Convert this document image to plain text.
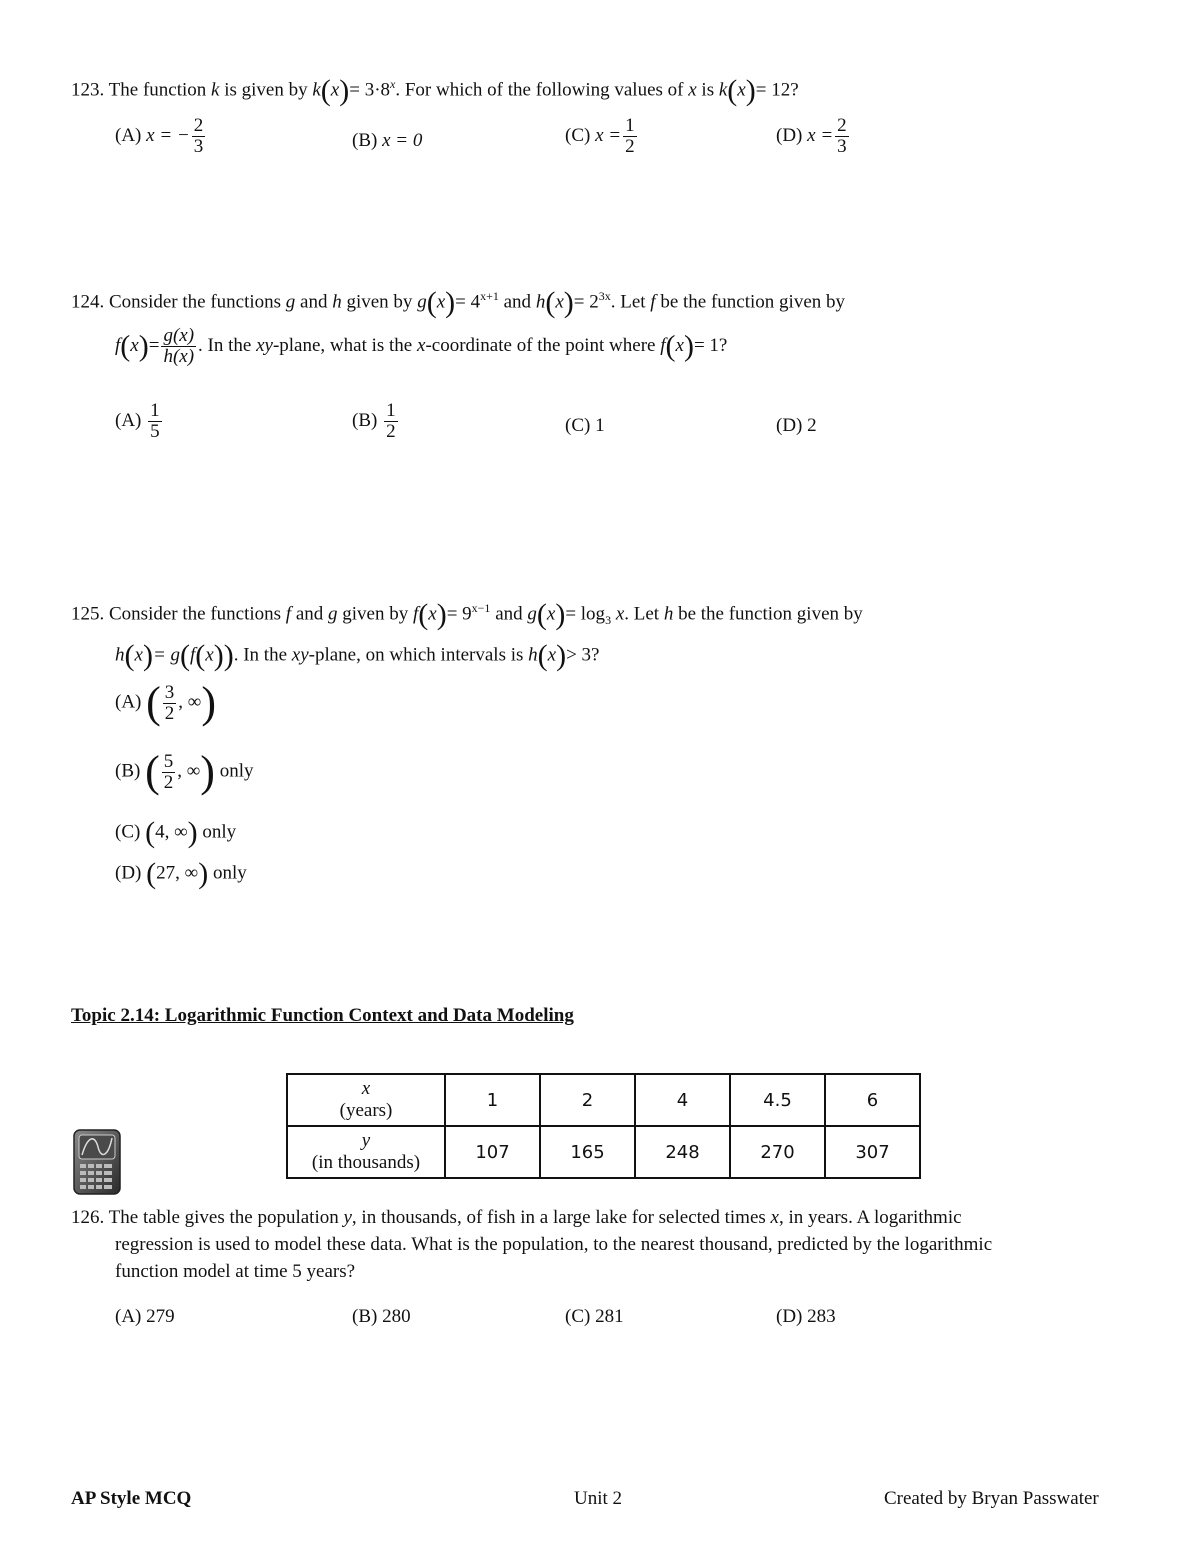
123. The function k is given by $k(x)= 3\cdot 8^x$. For which of the following values of x is k(x)= 12?
(A) x = − $\frac{2}{3}$	(B) x = 0	(C) $x = \frac{1}{2}$	(D) $x = \frac{2}{3}$
124. Consider the functions g and h given by $g(x)= 4^{x+1}$ and $h(x)= 2^{3x}$. Let f be the function given by
$f(x)= \frac{g(x)}{h(x)}$ . In the xy-plane, what is the x-coordinate of the point where f(x)= 1?
$(A) \frac{1}{5}$	$(B) \frac{1}{2}$	(C) 1	(D) 2
125. Consider the functions f and g given by $f(x)= 9^{x-1}$ and $g(x)= \log_3 x$. Let h be the function given by
h(x)= g(f(x)). In the xy-plane, on which intervals is h(x)> 3?
(A) ( $\frac{3}{2}$ , ∞)
(B) ( $\frac{5}{2}$ , ∞) only
(C) (4, ∞) only
(D) (27, ∞) only
Topic 2.14: Logarithmic Function Context and Data Modeling
x
(years)	1	2	4	4.5	6
y
(in thousands)	107	165	248	270	307
126. The table gives the population y, in thousands, of fish in a large lake for selected times x, in years. A logarithmic
regression is used to model these data. What is the population, to the nearest thousand, predicted by the logarithmic
function model at time 5 years?
(A) 279	(B) 280	(C) 281	(D) 283
AP Style MCQ	Unit 2	Created by Bryan Passwater
